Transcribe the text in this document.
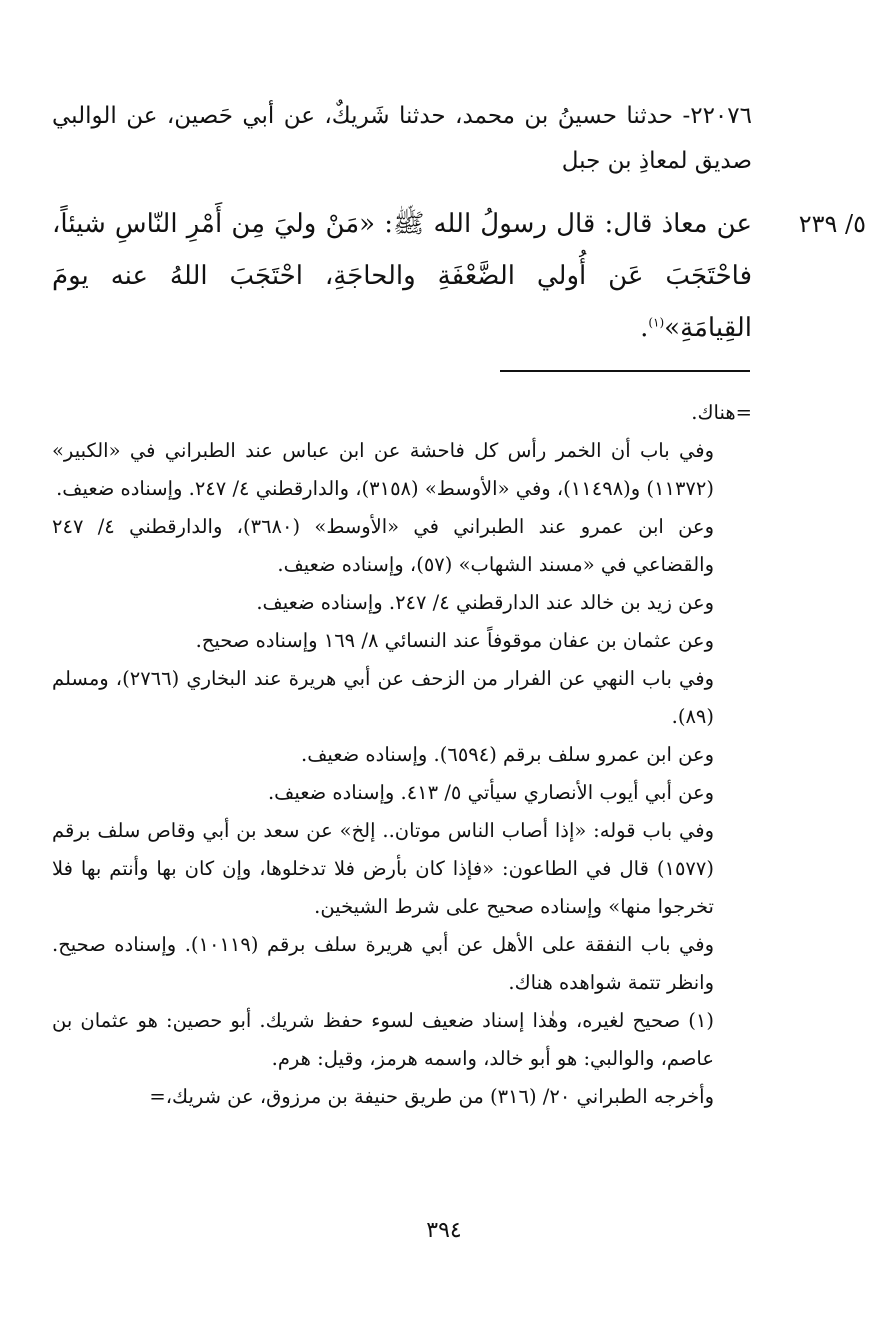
٢٢٠٧٦- حدثنا حسينُ بن محمد، حدثنا شَريكٌ، عن أبي حَصين، عن الوالبي صديق لمعاذِ بن جبل
٥/ ٢٣٩
عن معاذ قال: قال رسولُ الله ﷺ: «مَنْ وليَ مِن أَمْرِ النّاسِ شيئاً، فاحْتَجَبَ عَن أُولي الضَّعْفَةِ والحاجَةِ، احْتَجَبَ اللهُ عنه يومَ القِيامَةِ»$^{(١)}$.

=هناك.

وفي باب أن الخمر رأس كل فاحشة عن ابن عباس عند الطبراني في «الكبير» (١١٣٧٢) و(١١٤٩٨)، وفي «الأوسط» (٣١٥٨)، والدارقطني ٤/ ٢٤٧. وإسناده ضعيف.

وعن ابن عمرو عند الطبراني في «الأوسط» (٣٦٨٠)، والدارقطني ٤/ ٢٤٧ والقضاعي في «مسند الشهاب» (٥٧)، وإسناده ضعيف.

وعن زيد بن خالد عند الدارقطني ٤/ ٢٤٧. وإسناده ضعيف.

وعن عثمان بن عفان موقوفاً عند النسائي ٨/ ١٦٩ وإسناده صحيح.

وفي باب النهي عن الفرار من الزحف عن أبي هريرة عند البخاري (٢٧٦٦)، ومسلم (٨٩).

وعن ابن عمرو سلف برقم (٦٥٩٤). وإسناده ضعيف.

وعن أبي أيوب الأنصاري سيأتي ٥/ ٤١٣. وإسناده ضعيف.

وفي باب قوله: «إذا أصاب الناس موتان.. إلخ» عن سعد بن أبي وقاص سلف برقم (١٥٧٧) قال في الطاعون: «فإذا كان بأرض فلا تدخلوها، وإن كان بها وأنتم بها فلا تخرجوا منها» وإسناده صحيح على شرط الشيخين.

وفي باب النفقة على الأهل عن أبي هريرة سلف برقم (١٠١١٩). وإسناده صحيح. وانظر تتمة شواهده هناك.

(١) صحيح لغيره، وهٰذا إسناد ضعيف لسوء حفظ شريك. أبو حصين: هو عثمان بن عاصم، والوالبي: هو أبو خالد، واسمه هرمز، وقيل: هرم.

وأخرجه الطبراني ٢٠/ (٣١٦) من طريق حنيفة بن مرزوق، عن شريك،=

٣٩٤
